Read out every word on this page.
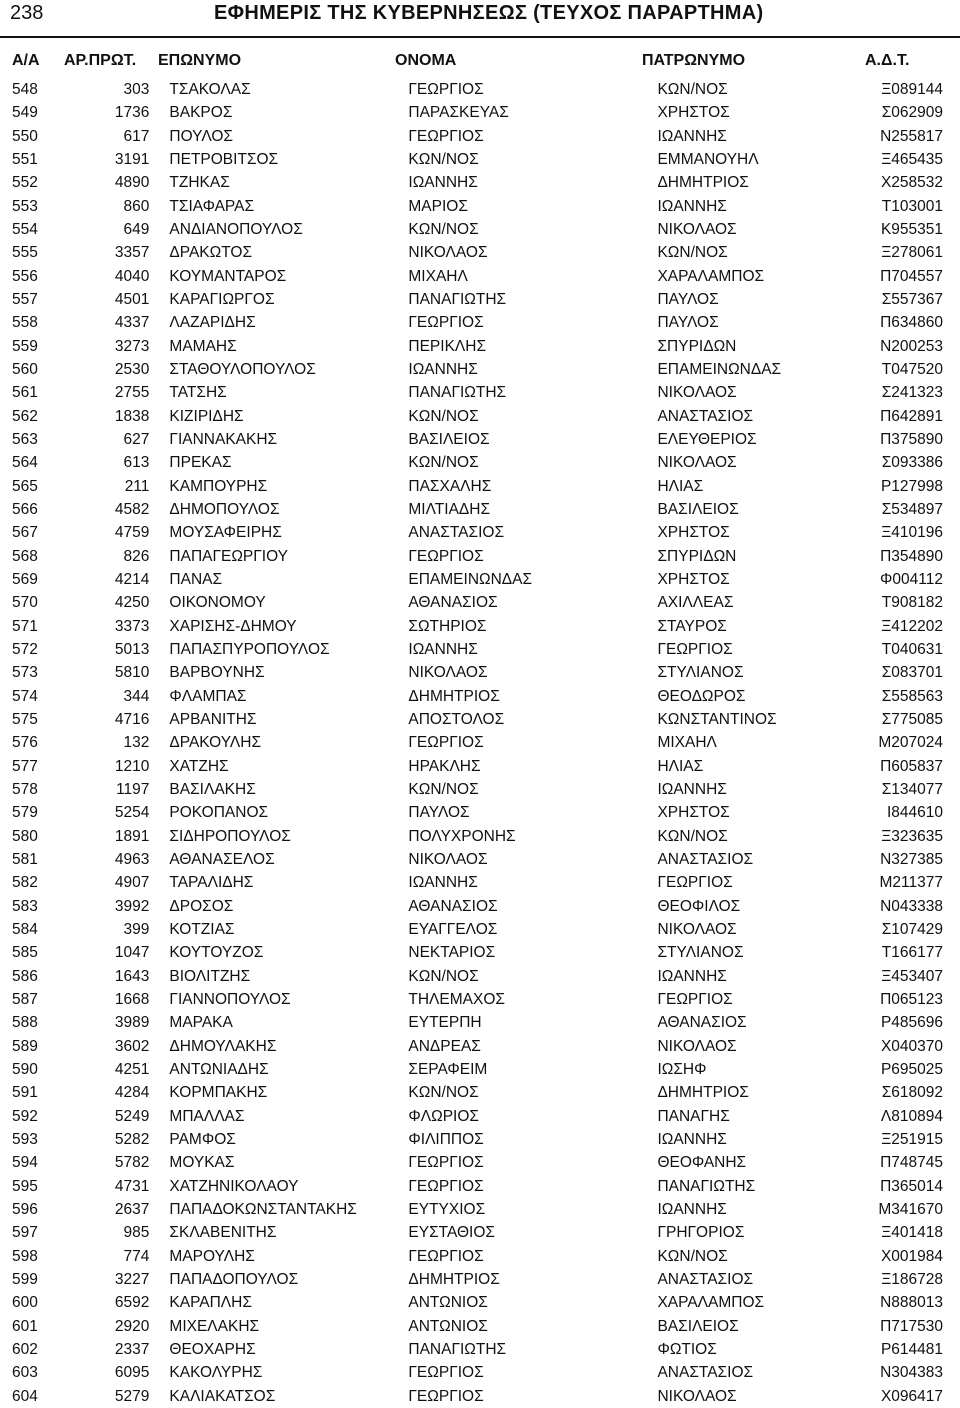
238	ΕΦΗΜΕΡΙΣ ΤΗΣ ΚΥΒΕΡΝΗΣΕΩΣ (ΤΕΥΧΟΣ ΠΑΡΑΡΤΗΜΑ)
Α/Α ΑΡ.ΠΡΩΤ. ΕΠΩΝΥΜΟ	ΟΝΟΜΑ	ΠΑΤΡΩΝΥΜΟ	Α.Δ.Τ.
548	303	ΤΣΑΚΟΛΑΣ	ΓΕΩΡΓΙΟΣ	ΚΩΝ/ΝΟΣ	Ξ089144
549	1736	ΒΑΚΡΟΣ	ΠΑΡΑΣΚΕΥΑΣ	ΧΡΗΣΤΟΣ	Σ062909
550	617	ΠΟΥΛΟΣ	ΓΕΩΡΓΙΟΣ	ΙΩΑΝΝΗΣ	Ν255817
551	3191	ΠΕΤΡΟΒΙΤΣΟΣ	ΚΩΝ/ΝΟΣ	ΕΜΜΑΝΟΥΗΛ	Ξ465435
552	4890	ΤΖΗΚΑΣ	ΙΩΑΝΝΗΣ	ΔΗΜΗΤΡΙΟΣ	Χ258532
553	860	ΤΣΙΑΦΑΡΑΣ	ΜΑΡΙΟΣ	ΙΩΑΝΝΗΣ	Τ103001
554	649	ΑΝΔΙΑΝΟΠΟΥΛΟΣ	ΚΩΝ/ΝΟΣ	ΝΙΚΟΛΑΟΣ	Κ955351
555	3357	ΔΡΑΚΩΤΟΣ	ΝΙΚΟΛΑΟΣ	ΚΩΝ/ΝΟΣ	Ξ278061
556	4040	ΚΟΥΜΑΝΤΑΡΟΣ	ΜΙΧΑΗΛ	ΧΑΡΑΛΑΜΠΟΣ	Π704557
557	4501	ΚΑΡΑΓΙΩΡΓΟΣ	ΠΑΝΑΓΙΩΤΗΣ	ΠΑΥΛΟΣ	Σ557367
558	4337	ΛΑΖΑΡΙΔΗΣ	ΓΕΩΡΓΙΟΣ	ΠΑΥΛΟΣ	Π634860
559	3273	ΜΑΜΑΗΣ	ΠΕΡΙΚΛΗΣ	ΣΠΥΡΙΔΩΝ	Ν200253
560	2530	ΣΤΑΘΟΥΛΟΠΟΥΛΟΣ	ΙΩΑΝΝΗΣ	ΕΠΑΜΕΙΝΩΝΔΑΣ	Τ047520
561	2755	ΤΑΤΣΗΣ	ΠΑΝΑΓΙΩΤΗΣ	ΝΙΚΟΛΑΟΣ	Σ241323
562	1838	ΚΙΖΙΡΙΔΗΣ	ΚΩΝ/ΝΟΣ	ΑΝΑΣΤΑΣΙΟΣ	Π642891
563	627	ΓΙΑΝΝΑΚΑΚΗΣ	ΒΑΣΙΛΕΙΟΣ	ΕΛΕΥΘΕΡΙΟΣ	Π375890
564	613	ΠΡΕΚΑΣ	ΚΩΝ/ΝΟΣ	ΝΙΚΟΛΑΟΣ	Σ093386
565	211	ΚΑΜΠΟΥΡΗΣ	ΠΑΣΧΑΛΗΣ	ΗΛΙΑΣ	Ρ127998
566	4582	ΔΗΜΟΠΟΥΛΟΣ	ΜΙΛΤΙΑΔΗΣ	ΒΑΣΙΛΕΙΟΣ	Σ534897
567	4759	ΜΟΥΣΑΦΕΙΡΗΣ	ΑΝΑΣΤΑΣΙΟΣ	ΧΡΗΣΤΟΣ	Ξ410196
568	826	ΠΑΠΑΓΕΩΡΓΙΟΥ	ΓΕΩΡΓΙΟΣ	ΣΠΥΡΙΔΩΝ	Π354890
569	4214	ΠΑΝΑΣ	ΕΠΑΜΕΙΝΩΝΔΑΣ	ΧΡΗΣΤΟΣ	Φ004112
570	4250	ΟΙΚΟΝΟΜΟΥ	ΑΘΑΝΑΣΙΟΣ	ΑΧΙΛΛΕΑΣ	Τ908182
571	3373	ΧΑΡΙΣΗΣ-ΔΗΜΟΥ	ΣΩΤΗΡΙΟΣ	ΣΤΑΥΡΟΣ	Ξ412202
572	5013	ΠΑΠΑΣΠΥΡΟΠΟΥΛΟΣ	ΙΩΑΝΝΗΣ	ΓΕΩΡΓΙΟΣ	Τ040631
573	5810	ΒΑΡΒΟΥΝΗΣ	ΝΙΚΟΛΑΟΣ	ΣΤΥΛΙΑΝΟΣ	Σ083701
574	344	ΦΛΑΜΠΑΣ	ΔΗΜΗΤΡΙΟΣ	ΘΕΟΔΩΡΟΣ	Σ558563
575	4716	ΑΡΒΑΝΙΤΗΣ	ΑΠΟΣΤΟΛΟΣ	ΚΩΝΣΤΑΝΤΙΝΟΣ	Σ775085
576	132	ΔΡΑΚΟΥΛΗΣ	ΓΕΩΡΓΙΟΣ	ΜΙΧΑΗΛ	Μ207024
577	1210	ΧΑΤΖΗΣ	ΗΡΑΚΛΗΣ	ΗΛΙΑΣ	Π605837
578	1197	ΒΑΣΙΛΑΚΗΣ	ΚΩΝ/ΝΟΣ	ΙΩΑΝΝΗΣ	Σ134077
579	5254	ΡΟΚΟΠΑΝΟΣ	ΠΑΥΛΟΣ	ΧΡΗΣΤΟΣ	Ι844610
580	1891	ΣΙΔΗΡΟΠΟΥΛΟΣ	ΠΟΛΥΧΡΟΝΗΣ	ΚΩΝ/ΝΟΣ	Ξ323635
581	4963	ΑΘΑΝΑΣΕΛΟΣ	ΝΙΚΟΛΑΟΣ	ΑΝΑΣΤΑΣΙΟΣ	Ν327385
582	4907	ΤΑΡΑΛΙΔΗΣ	ΙΩΑΝΝΗΣ	ΓΕΩΡΓΙΟΣ	Μ211377
583	3992	ΔΡΟΣΟΣ	ΑΘΑΝΑΣΙΟΣ	ΘΕΟΦΙΛΟΣ	Ν043338
584	399	ΚΟΤΖΙΑΣ	ΕΥΑΓΓΕΛΟΣ	ΝΙΚΟΛΑΟΣ	Σ107429
585	1047	ΚΟΥΤΟΥΖΟΣ	ΝΕΚΤΑΡΙΟΣ	ΣΤΥΛΙΑΝΟΣ	Τ166177
586	1643	ΒΙΟΛΙΤΖΗΣ	ΚΩΝ/ΝΟΣ	ΙΩΑΝΝΗΣ	Ξ453407
587	1668	ΓΙΑΝΝΟΠΟΥΛΟΣ	ΤΗΛΕΜΑΧΟΣ	ΓΕΩΡΓΙΟΣ	Π065123
588	3989	ΜΑΡΑΚΑ	ΕΥΤΕΡΠΗ	ΑΘΑΝΑΣΙΟΣ	Ρ485696
589	3602	ΔΗΜΟΥΛΑΚΗΣ	ΑΝΔΡΕΑΣ	ΝΙΚΟΛΑΟΣ	Χ040370
590	4251	ΑΝΤΩΝΙΑΔΗΣ	ΣΕΡΑΦΕΙΜ	ΙΩΣΗΦ	Ρ695025
591	4284	ΚΟΡΜΠΑΚΗΣ	ΚΩΝ/ΝΟΣ	ΔΗΜΗΤΡΙΟΣ	Σ618092
592	5249	ΜΠΑΛΛΑΣ	ΦΛΩΡΙΟΣ	ΠΑΝΑΓΗΣ	Λ810894
593	5282	ΡΑΜΦΟΣ	ΦΙΛΙΠΠΟΣ	ΙΩΑΝΝΗΣ	Ξ251915
594	5782	ΜΟΥΚΑΣ	ΓΕΩΡΓΙΟΣ	ΘΕΟΦΑΝΗΣ	Π748745
595	4731	ΧΑΤΖΗΝΙΚΟΛΑΟΥ	ΓΕΩΡΓΙΟΣ	ΠΑΝΑΓΙΩΤΗΣ	Π365014
596	2637	ΠΑΠΑΔΟΚΩΝΣΤΑΝΤΑΚΗΣ	ΕΥΤΥΧΙΟΣ	ΙΩΑΝΝΗΣ	Μ341670
597	985	ΣΚΛΑΒΕΝΙΤΗΣ	ΕΥΣΤΑΘΙΟΣ	ΓΡΗΓΟΡΙΟΣ	Ξ401418
598	774	ΜΑΡΟΥΛΗΣ	ΓΕΩΡΓΙΟΣ	ΚΩΝ/ΝΟΣ	Χ001984
599	3227	ΠΑΠΑΔΟΠΟΥΛΟΣ	ΔΗΜΗΤΡΙΟΣ	ΑΝΑΣΤΑΣΙΟΣ	Ξ186728
600	6592	ΚΑΡΑΠΛΗΣ	ΑΝΤΩΝΙΟΣ	ΧΑΡΑΛΑΜΠΟΣ	Ν888013
601	2920	ΜΙΧΕΛΑΚΗΣ	ΑΝΤΩΝΙΟΣ	ΒΑΣΙΛΕΙΟΣ	Π717530
602	2337	ΘΕΟΧΑΡΗΣ	ΠΑΝΑΓΙΩΤΗΣ	ΦΩΤΙΟΣ	Ρ614481
603	6095	ΚΑΚΟΛΥΡΗΣ	ΓΕΩΡΓΙΟΣ	ΑΝΑΣΤΑΣΙΟΣ	Ν304383
604	5279	ΚΑΛΙΑΚΑΤΣΟΣ	ΓΕΩΡΓΙΟΣ	ΝΙΚΟΛΑΟΣ	Χ096417
